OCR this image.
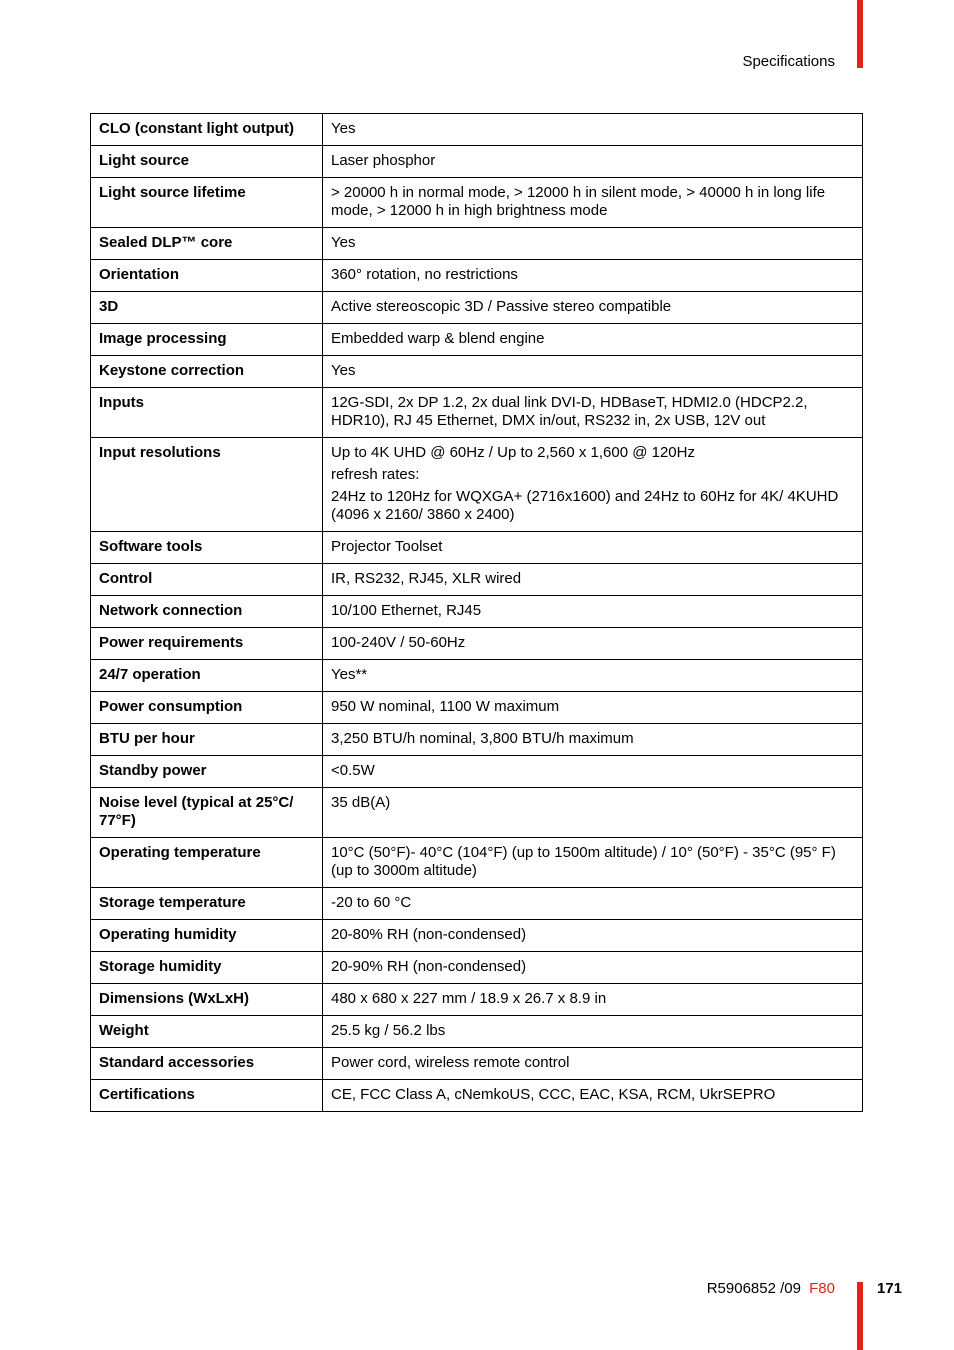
Specifications
CLO (constant light output)	Yes

Light source	Laser phosphor

Light source lifetime	> 20000 h in normal mode, > 12000 h in silent mode, > 40000 h in long life mode, > 12000 h in high brightness mode

Sealed DLP™ core	Yes

Orientation	360° rotation, no restrictions

3D	Active stereoscopic 3D / Passive stereo compatible

Image processing	Embedded warp & blend engine

Keystone correction	Yes

Inputs	12G-SDI, 2x DP 1.2, 2x dual link DVI-D, HDBaseT, HDMI2.0 (HDCP2.2, HDR10), RJ 45 Ethernet, DMX in/out, RS232 in, 2x USB, 12V out

Input resolutions	Up to 4K UHD @ 60Hz / Up to 2,560 x 1,600 @ 120Hz

refresh rates:

24Hz to 120Hz for WQXGA+ (2716x1600) and 24Hz to 60Hz for 4K/ 4KUHD (4096 x 2160/ 3860 x 2400)

Software tools	Projector Toolset

Control	IR, RS232, RJ45, XLR wired

Network connection	10/100 Ethernet, RJ45

Power requirements	100-240V / 50-60Hz

24/7 operation	Yes**

Power consumption	950 W nominal, 1100 W maximum

BTU per hour	3,250 BTU/h nominal, 3,800 BTU/h maximum

Standby power	<0.5W

Noise level (typical at 25°C/ 77°F)	35 dB(A)

Operating temperature	10°C (50°F)- 40°C (104°F) (up to 1500m altitude) / 10° (50°F) - 35°C (95° F) (up to 3000m altitude)

Storage temperature	-20 to 60 °C

Operating humidity	20-80% RH (non-condensed)

Storage humidity	20-90% RH (non-condensed)

Dimensions (WxLxH)	480 x 680 x 227 mm / 18.9 x 26.7 x 8.9 in

Weight	25.5 kg / 56.2 lbs

Standard accessories	Power cord, wireless remote control

Certifications	CE, FCC Class A, cNemkoUS, CCC, EAC, KSA, RCM, UkrSEPRO

R5906852 /09 F80	171
